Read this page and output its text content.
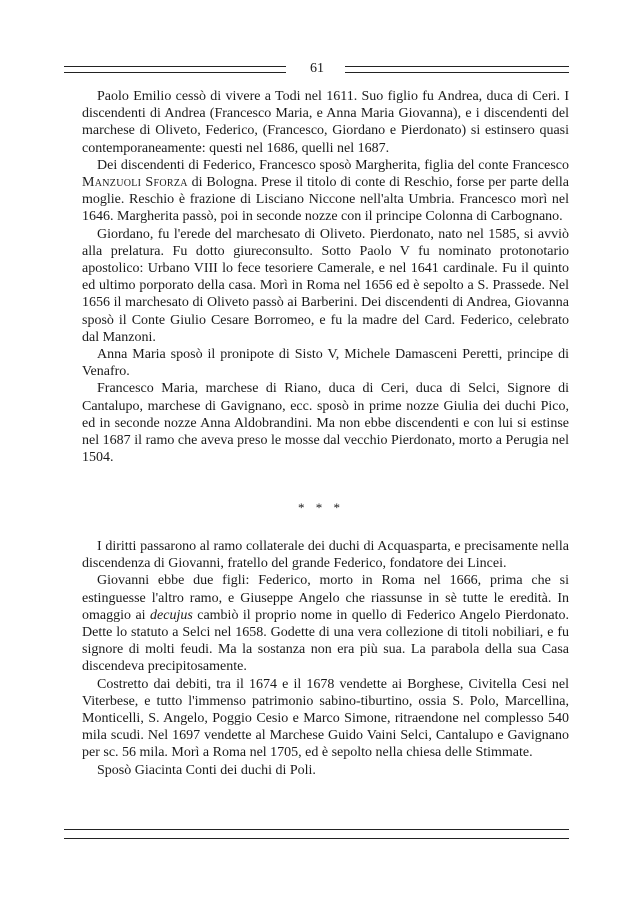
61

Paolo Emilio cessò di vivere a Todi nel 1611. Suo figlio fu Andrea, duca di Ceri. I discendenti di Andrea (Francesco Maria, e Anna Maria Giovanna), e i discendenti del marchese di Oliveto, Federico, (Francesco, Giordano e Pierdonato) si estinsero quasi contemporaneamente: questi nel 1686, quelli nel 1687.

Dei discendenti di Federico, Francesco sposò Margherita, figlia del conte Francesco Manzuoli Sforza di Bologna. Prese il titolo di conte di Reschio, forse per parte della moglie. Reschio è frazione di Lisciano Niccone nell'alta Umbria. Francesco morì nel 1646. Margherita passò, poi in seconde nozze con il principe Colonna di Carbognano.

Giordano, fu l'erede del marchesato di Oliveto. Pierdonato, nato nel 1585, si avviò alla prelatura. Fu dotto giureconsulto. Sotto Paolo V fu nominato protonotario apostolico: Urbano VIII lo fece tesoriere Camerale, e nel 1641 cardinale. Fu il quinto ed ultimo porporato della casa. Morì in Roma nel 1656 ed è sepolto a S. Prassede. Nel 1656 il marchesato di Oliveto passò ai Barberini. Dei discendenti di Andrea, Giovanna sposò il Conte Giulio Cesare Borromeo, e fu la madre del Card. Federico, celebrato dal Manzoni.

Anna Maria sposò il pronipote di Sisto V, Michele Damasceni Peretti, principe di Venafro.

Francesco Maria, marchese di Riano, duca di Ceri, duca di Selci, Signore di Cantalupo, marchese di Gavignano, ecc. sposò in prime nozze Giulia dei duchi Pico, ed in seconde nozze Anna Aldobrandini. Ma non ebbe discendenti e con lui si estinse nel 1687 il ramo che aveva preso le mosse dal vecchio Pierdonato, morto a Perugia nel 1504.

* * *

I diritti passarono al ramo collaterale dei duchi di Acquasparta, e precisamente nella discendenza di Giovanni, fratello del grande Federico, fondatore dei Lincei.

Giovanni ebbe due figli: Federico, morto in Roma nel 1666, prima che si estinguesse l'altro ramo, e Giuseppe Angelo che riassunse in sè tutte le eredità. In omaggio ai decujus cambiò il proprio nome in quello di Federico Angelo Pierdonato. Dette lo statuto a Selci nel 1658. Godette di una vera collezione di titoli nobiliari, e fu signore di molti feudi. Ma la sostanza non era più sua. La parabola della sua Casa discendeva precipitosamente.

Costretto dai debiti, tra il 1674 e il 1678 vendette ai Borghese, Civitella Cesi nel Viterbese, e tutto l'immenso patrimonio sabino-tiburtino, ossia S. Polo, Marcellina, Monticelli, S. Angelo, Poggio Cesio e Marco Simone, ritraendone nel complesso 540 mila scudi. Nel 1697 vendette al Marchese Guido Vaini Selci, Cantalupo e Gavignano per sc. 56 mila. Morì a Roma nel 1705, ed è sepolto nella chiesa delle Stimmate.

Sposò Giacinta Conti dei duchi di Poli.
